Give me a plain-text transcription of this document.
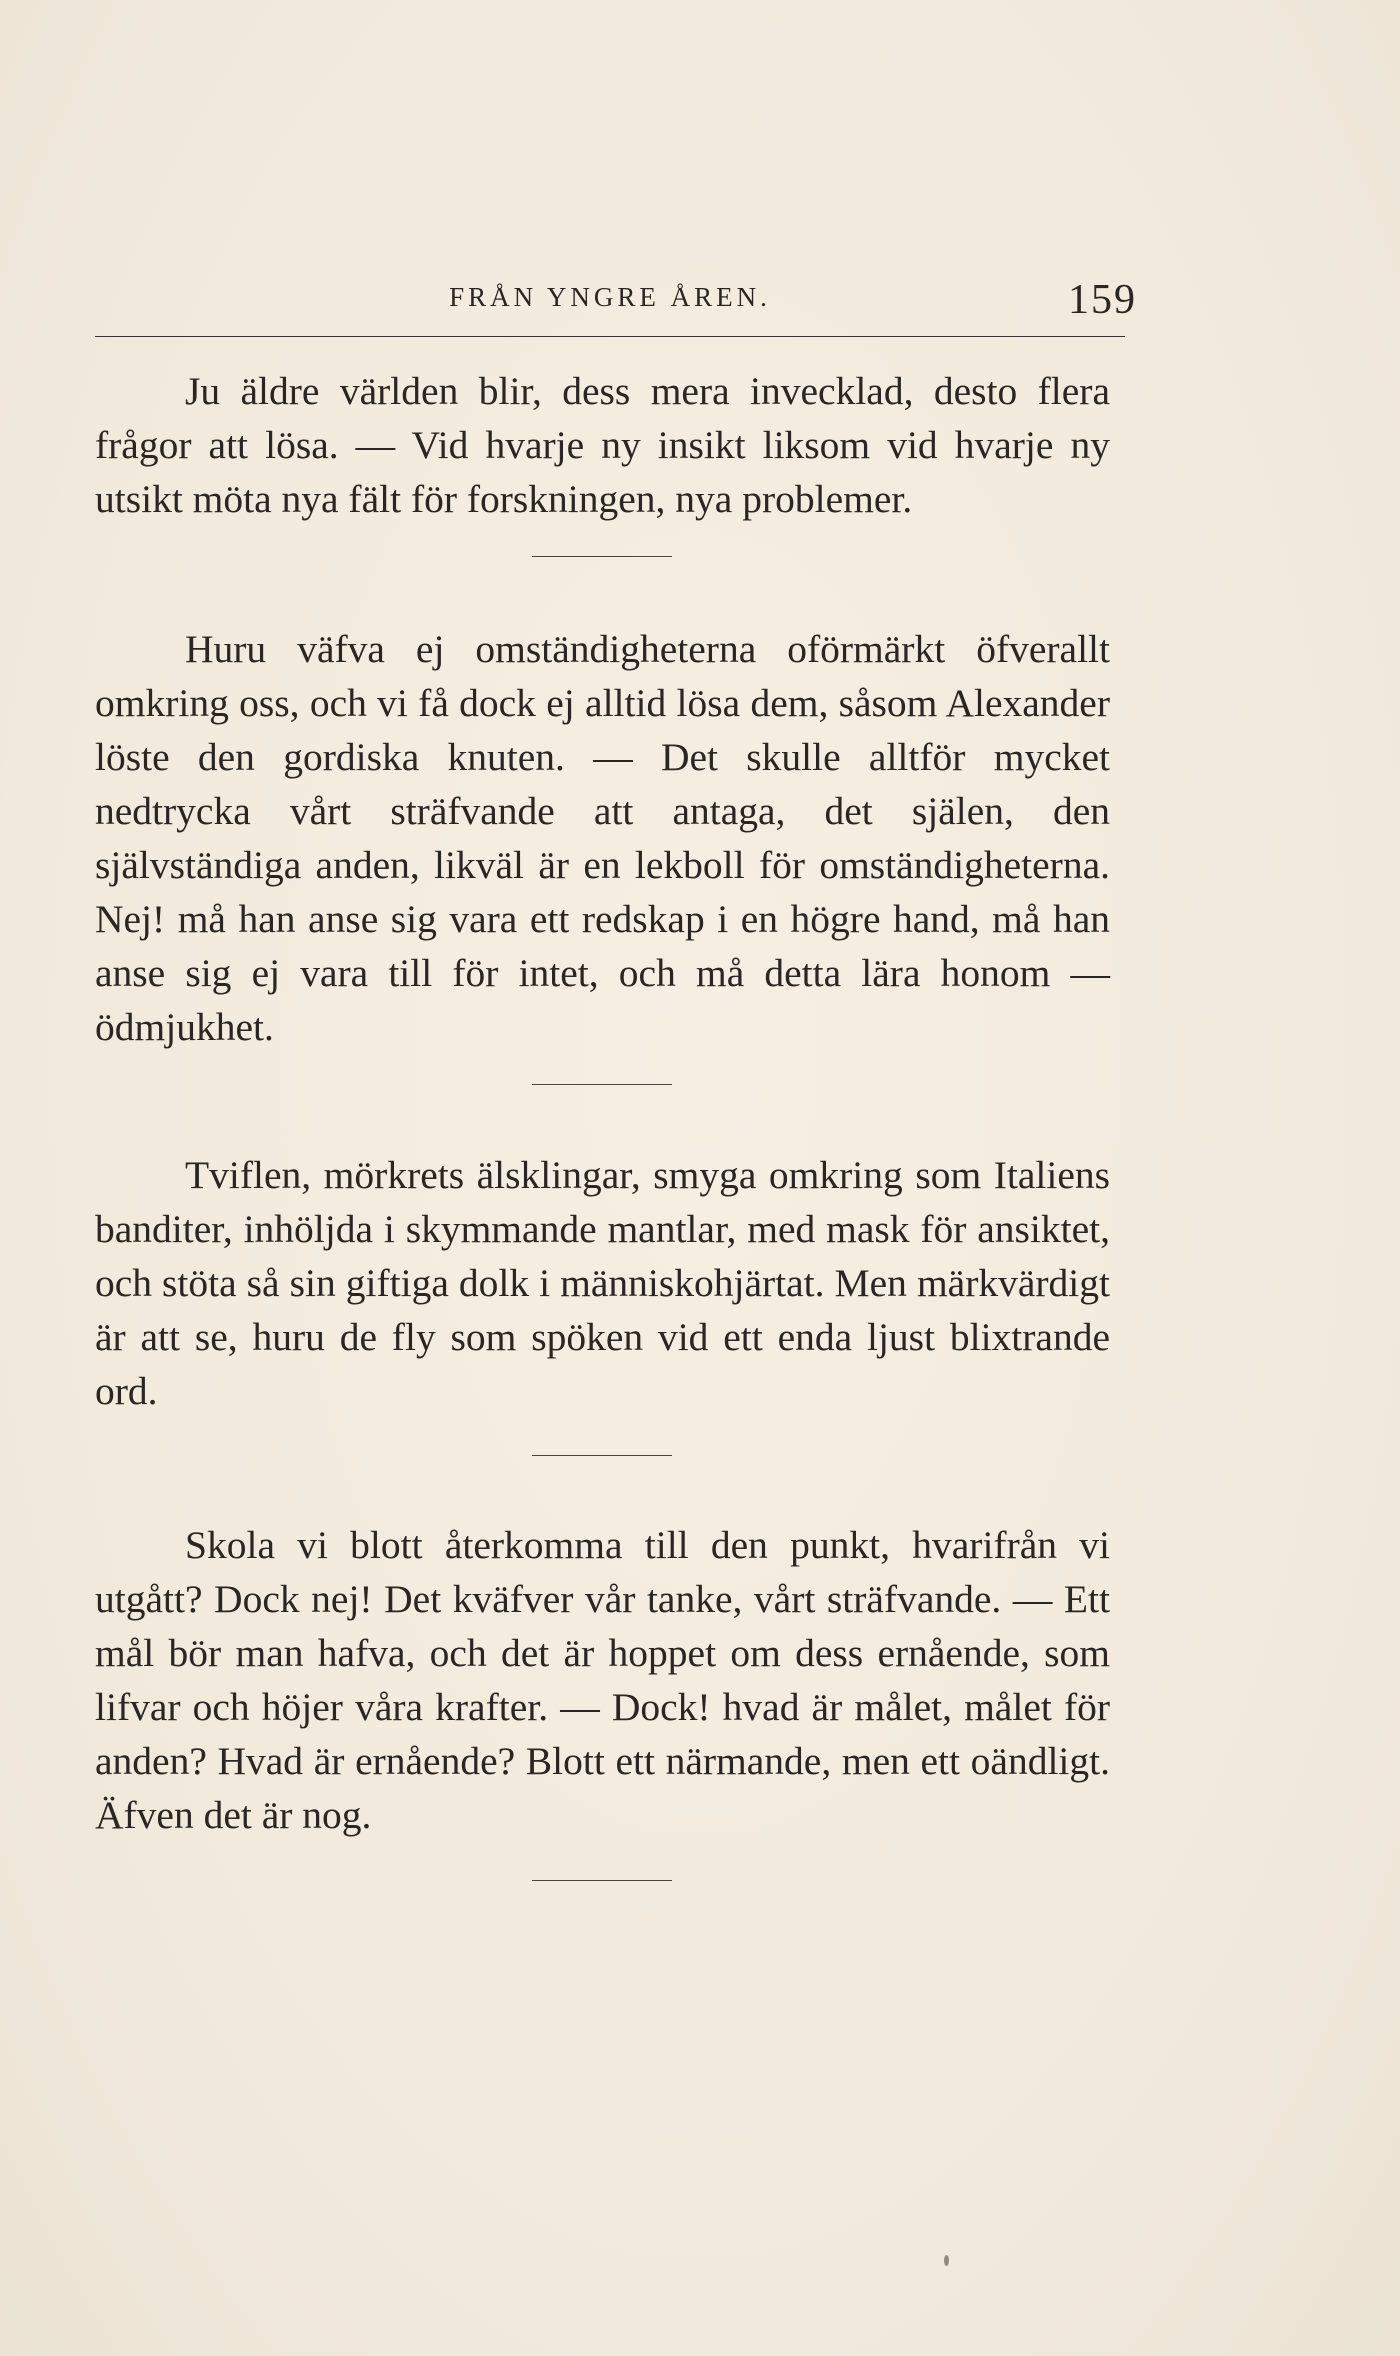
FRÅN YNGRE ÅREN.	159

Ju äldre världen blir, dess mera invecklad, desto flera frågor att lösa. — Vid hvarje ny insikt liksom vid hvarje ny utsikt möta nya fält för forskningen, nya problemer.

Huru väfva ej omständigheterna oförmärkt öfverallt omkring oss, och vi få dock ej alltid lösa dem, såsom Alexander löste den gordiska knuten. — Det skulle alltför mycket nedtrycka vårt sträfvande att antaga, det själen, den självständiga anden, likväl är en lekboll för omständigheterna. Nej! må han anse sig vara ett redskap i en högre hand, må han anse sig ej vara till för intet, och må detta lära honom — ödmjukhet.

Tviflen, mörkrets älsklingar, smyga omkring som Italiens banditer, inhöljda i skymmande mantlar, med mask för ansiktet, och stöta så sin giftiga dolk i människohjärtat. Men märkvärdigt är att se, huru de fly som spöken vid ett enda ljust blixtrande ord.

Skola vi blott återkomma till den punkt, hvarifrån vi utgått? Dock nej! Det kväfver vår tanke, vårt sträfvande. — Ett mål bör man hafva, och det är hoppet om dess ernående, som lifvar och höjer våra krafter. — Dock! hvad är målet, målet för anden? Hvad är ernående? Blott ett närmande, men ett oändligt. Äfven det är nog.
